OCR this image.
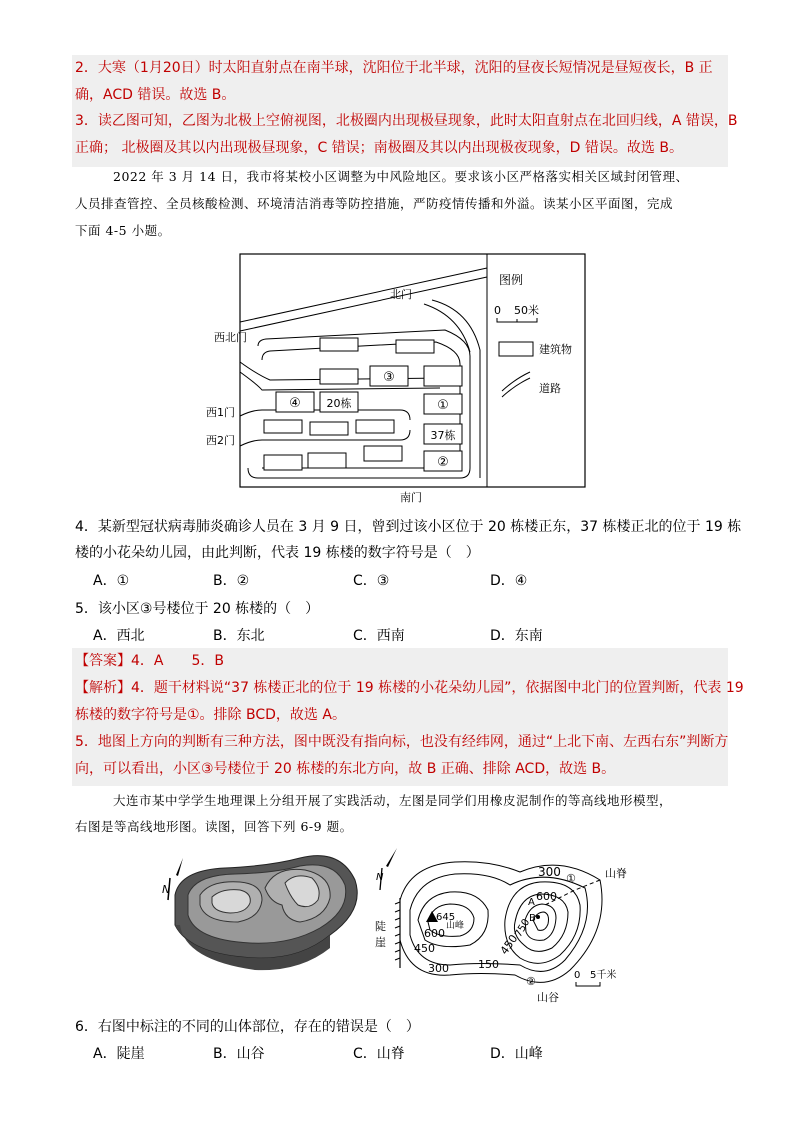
2．大寒（1月20日）时太阳直射点在南半球，沈阳位于北半球，沈阳的昼夜长短情况是昼短夜长，B 正
确，ACD 错误。故选 B。
3．读乙图可知，乙图为北极上空俯视图，北极圈内出现极昼现象，此时太阳直射点在北回归线，A 错误，B
正确； 北极圈及其以内出现极昼现象，C 错误；南极圈及其以内出现极夜现象，D 错误。故选 B。
2022 年 3 月 14 日，我市将某校小区调整为中风险地区。要求该小区严格落实相关区域封闭管理、
人员排查管控、全员核酸检测、环境清洁消毒等防控措施，严防疫情传播和外溢。读某小区平面图，完成
下面 4-5 小题。
③
④ 20栋	①
37栋
②
北门
西北门
西1门
西2门
南门
图例
0 50米
建筑物
道路
4．某新型冠状病毒肺炎确诊人员在 3 月 9 日，曾到过该小区位于 20 栋楼正东，37 栋楼正北的位于 19 栋
楼的小花朵幼儿园，由此判断，代表 19 栋楼的数字符号是（　）
A．①	B．②	C．③	D．④
5．该小区③号楼位于 20 栋楼的（　）
A．西北	B．东北	C．西南	D．东南
【答案】4．A　　5．B
【解析】4．题干材料说“37 栋楼正北的位于 19 栋楼的小花朵幼儿园”，依据图中北门的位置判断，代表 19
栋楼的数字符号是①。排除 BCD，故选 A。
5．地图上方向的判断有三种方法，图中既没有指向标，也没有经纬网，通过“上北下南、左西右东”判断方
向，可以看出，小区③号楼位于 20 栋楼的东北方向，故 B 正确、排除 ACD，故选 B。
大连市某中学学生地理课上分组开展了实践活动，左图是同学们用橡皮泥制作的等高线地形模型，
右图是等高线地形图。读图，回答下列 6-9 题。
N
N	300
600
645
山峰
600
450
300	150
450
750
A
B
①
②
陡
崖
山脊
山谷
0 5千米
6．右图中标注的不同的山体部位，存在的错误是（　）
A．陡崖	B．山谷	C．山脊	D．山峰
